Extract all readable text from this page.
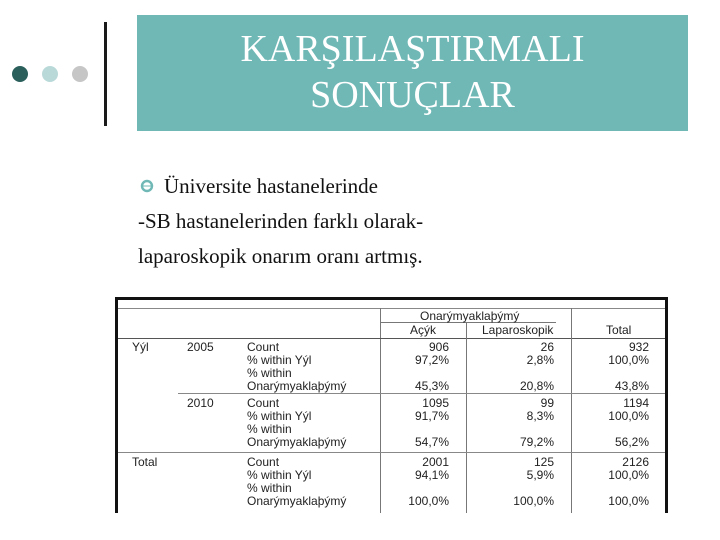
KARŞILAŞTIRMALI
SONUÇLAR
Üniversite hastanelerinde
-SB hastanelerinden farklı olarak-
laparoskopik onarım oranı artmış.
Onarýmyaklaþýmý
Açýk	Laparoskopik	Total
Yýl	2005	Count	906	26	932
% within Yýl	97,2%	2,8%	100,0%
% within
Onarýmyaklaþýmý	45,3%	20,8%	43,8%
2010	Count	1095	99	1194
% within Yýl	91,7%	8,3%	100,0%
% within
Onarýmyaklaþýmý	54,7%	79,2%	56,2%
Total	Count	2001	125	2126
% within Yýl	94,1%	5,9%	100,0%
% within
Onarýmyaklaþýmý	100,0%	100,0%	100,0%
